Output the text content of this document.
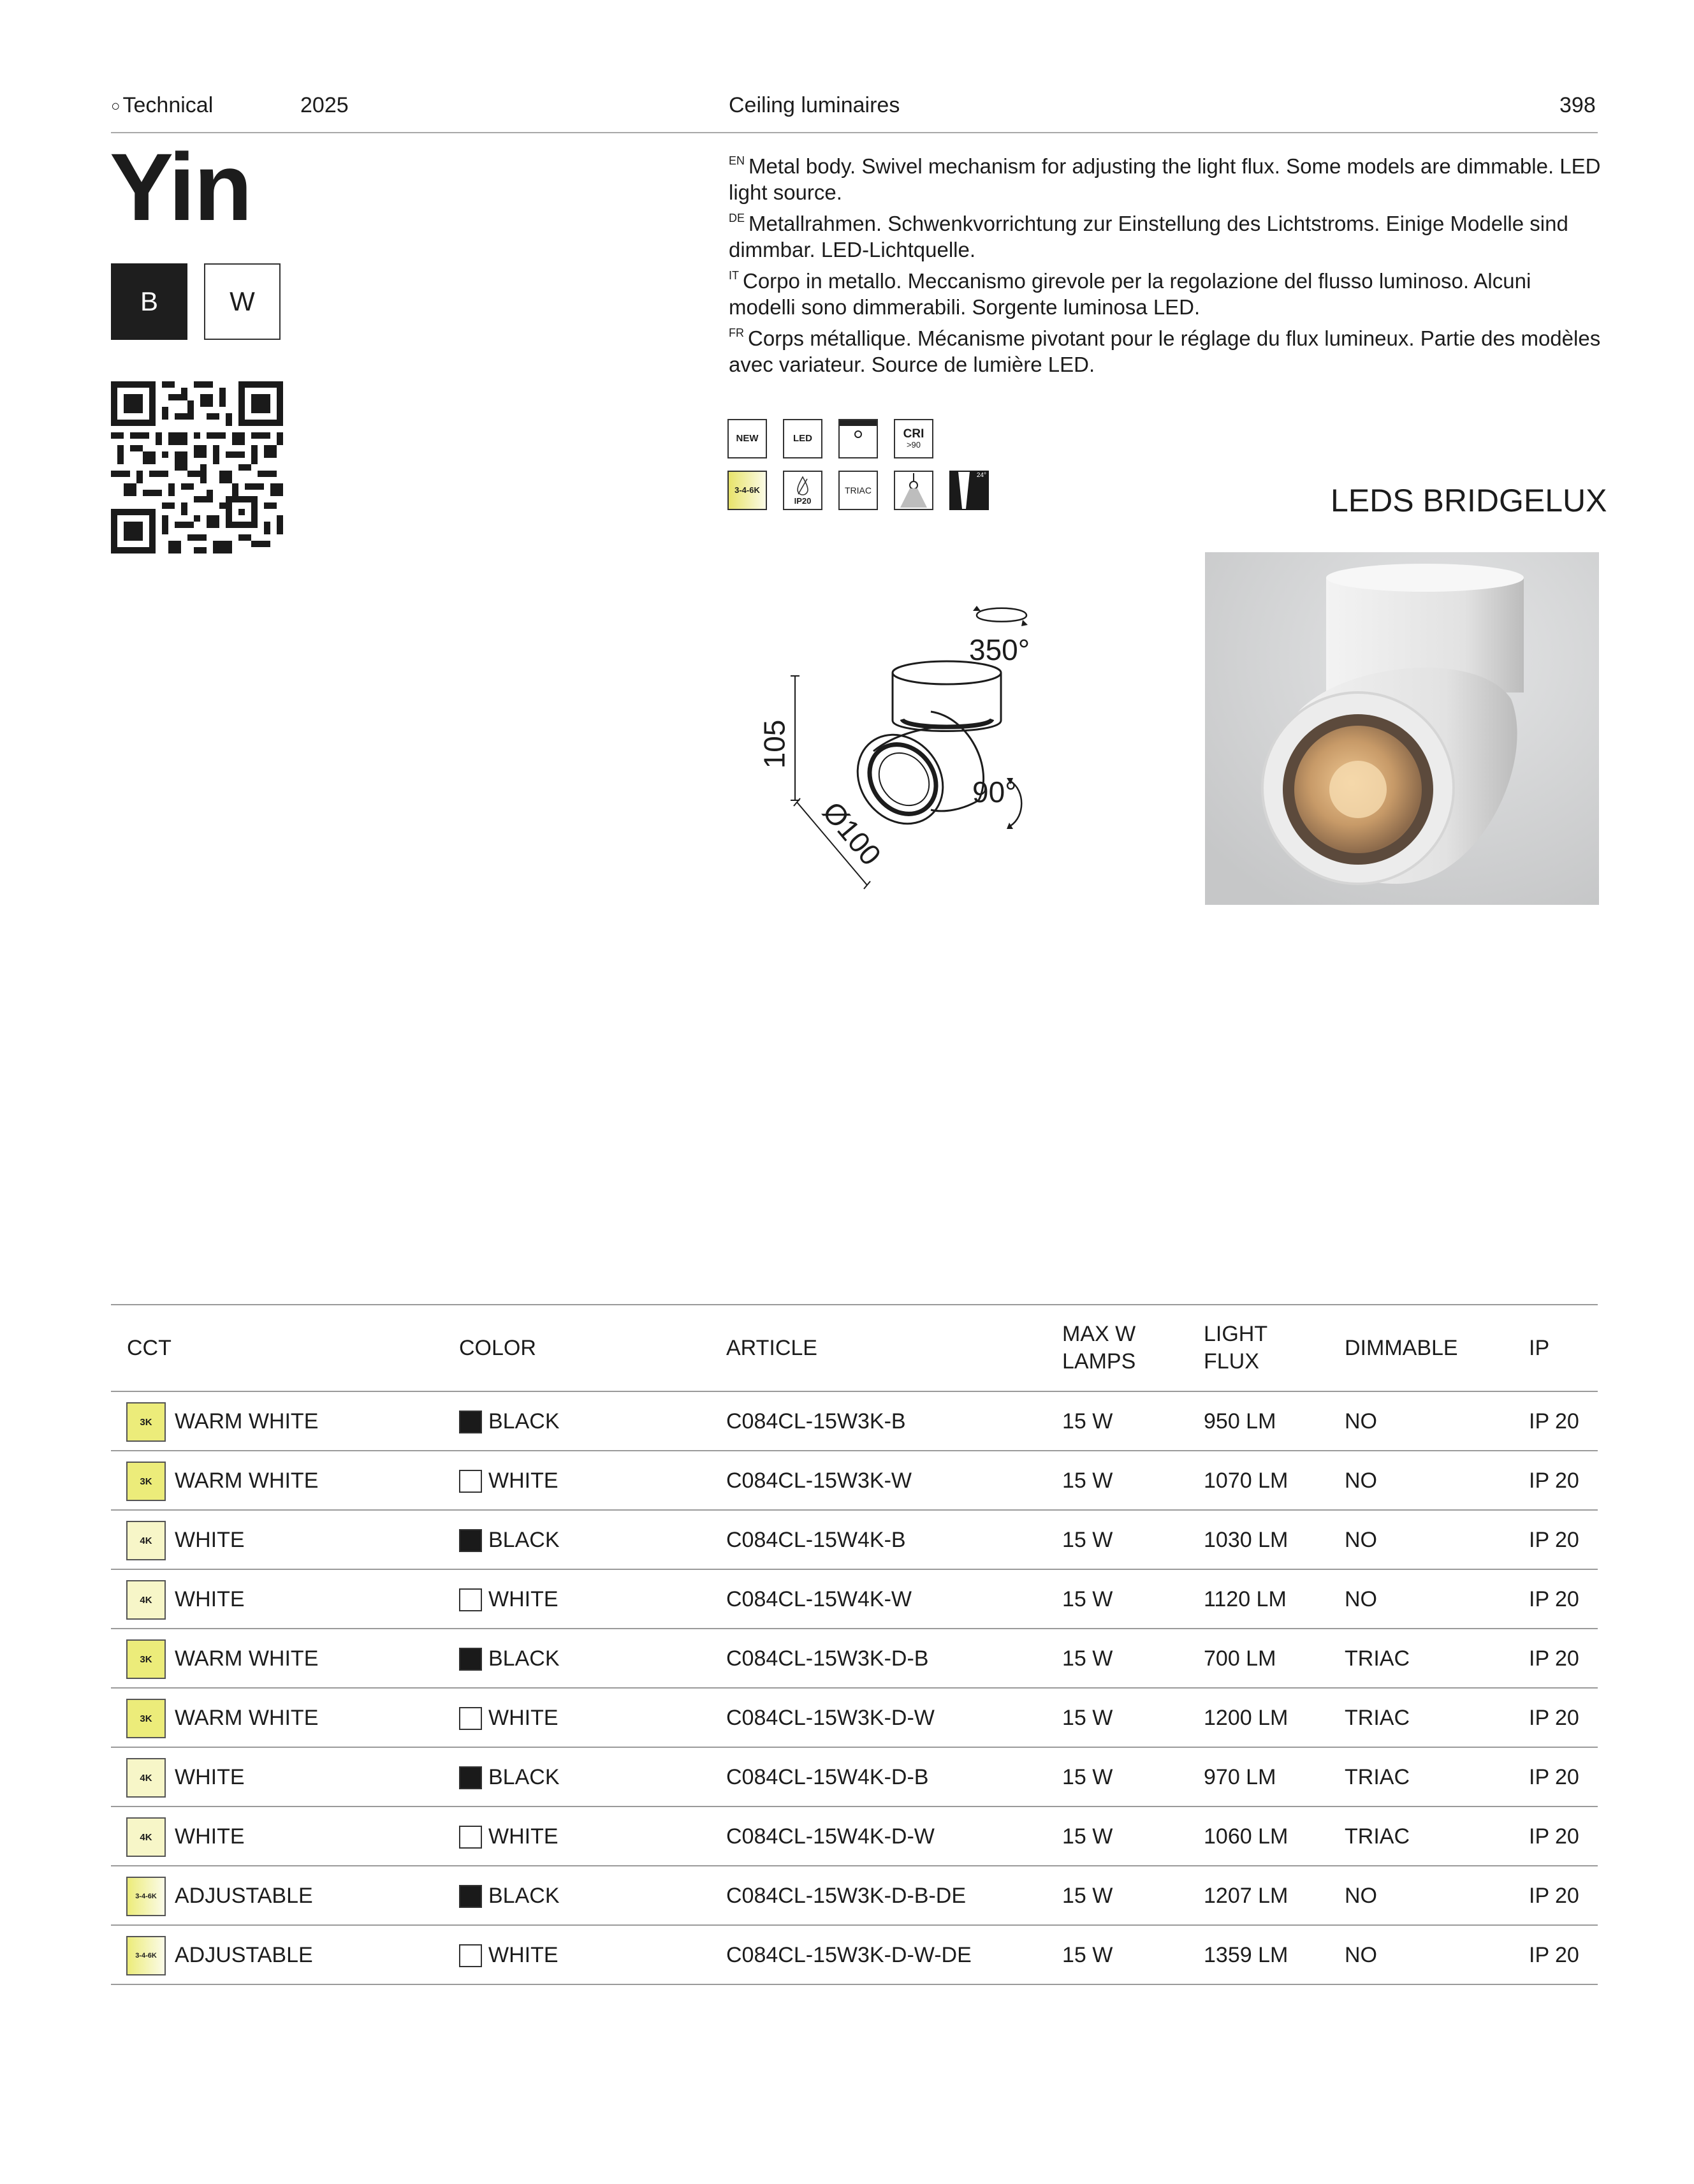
○ Technical	2025	Ceiling luminaires	398
Yin
B	W

$^{EN}$ Metal body. Swivel mechanism for adjusting the light flux. Some models are dimmable. LED light source.

$^{DE}$ Metallrahmen. Schwenkvorrichtung zur Einstellung des Lichtstroms. Einige Modelle sind dimmbar. LED-Lichtquelle.

$^{IT}$ Corpo in metallo. Meccanismo girevole per la regolazione del flusso luminoso. Alcuni modelli sono dimmerabili. Sorgente luminosa LED.

$^{FR}$ Corps métallique. Mécanisme pivotant pour le réglage du flux lumineux. Partie des modèles avec variateur. Source de lumière LED.

NEW	LED	CRI
>90
3-4-6K
IP20
TRIAC
24°
LEDS BRIDGELUX
350°
90°
105
Ø100
CCT	COLOR	ARTICLE
MAX W
LAMPS
LIGHT
FLUX
DIMMABLE	IP
3K	WARM WHITE	BLACK	C084CL-15W3K-B	15 W	950 LM	NO	IP 20
3K	WARM WHITE	WHITE	C084CL-15W3K-W	15 W	1070 LM	NO	IP 20
4K	WHITE	BLACK	C084CL-15W4K-B	15 W	1030 LM	NO	IP 20
4K	WHITE	WHITE	C084CL-15W4K-W	15 W	1120 LM	NO	IP 20
3K	WARM WHITE	BLACK	C084CL-15W3K-D-B	15 W	700 LM	TRIAC	IP 20
3K	WARM WHITE	WHITE	C084CL-15W3K-D-W	15 W	1200 LM	TRIAC	IP 20
4K	WHITE	BLACK	C084CL-15W4K-D-B	15 W	970 LM	TRIAC	IP 20
4K	WHITE	WHITE	C084CL-15W4K-D-W	15 W	1060 LM	TRIAC	IP 20
3-4-6K ADJUSTABLE	BLACK	C084CL-15W3K-D-B-DE	15 W	1207 LM	NO	IP 20
3-4-6K ADJUSTABLE	WHITE	C084CL-15W3K-D-W-DE	15 W	1359 LM	NO	IP 20
